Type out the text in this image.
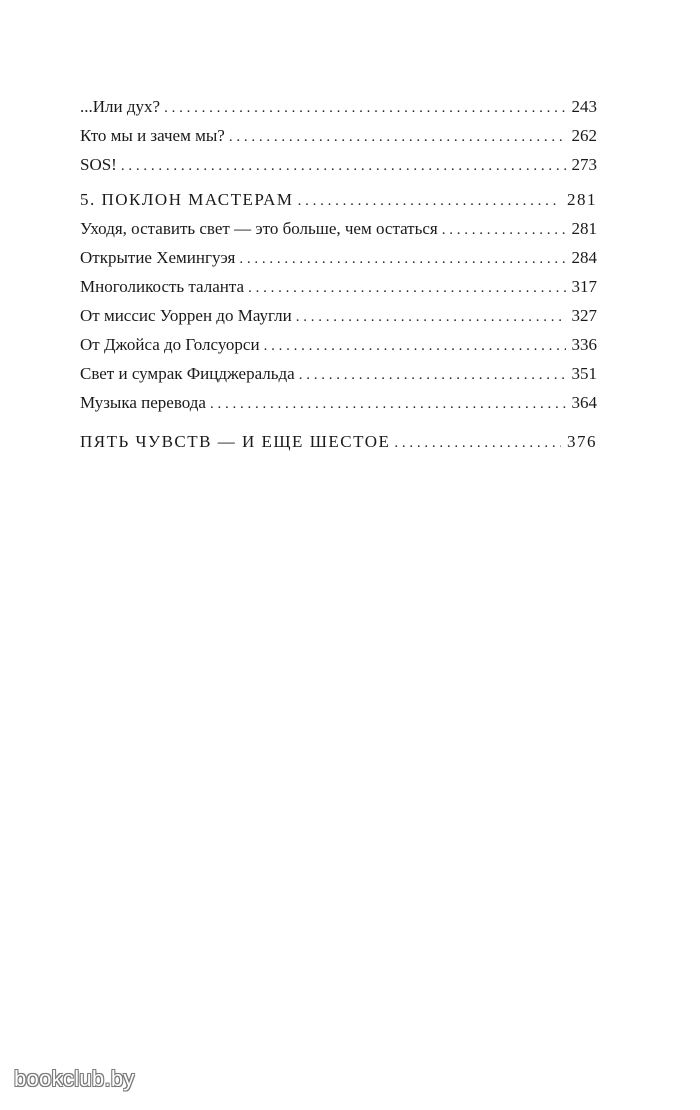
...Или дух? . . .	243
Кто мы и зачем мы? . . .	262
SOS! . . .	273
5. ПОКЛОН МАСТЕРАМ . . .	281
Уходя, оставить свет — это больше, чем остаться . . .	281
Открытие Хемингуэя . . .	284
Многоликость таланта . . .	317
От миссис Уоррен до Маугли . . .	327
От Джойса до Голсуорси . . .	336
Свет и сумрак Фицджеральда . . .	351
Музыка перевода . . .	364
ПЯТЬ ЧУВСТВ — И ЕЩЕ ШЕСТОЕ . . .	376
bookclub.by
